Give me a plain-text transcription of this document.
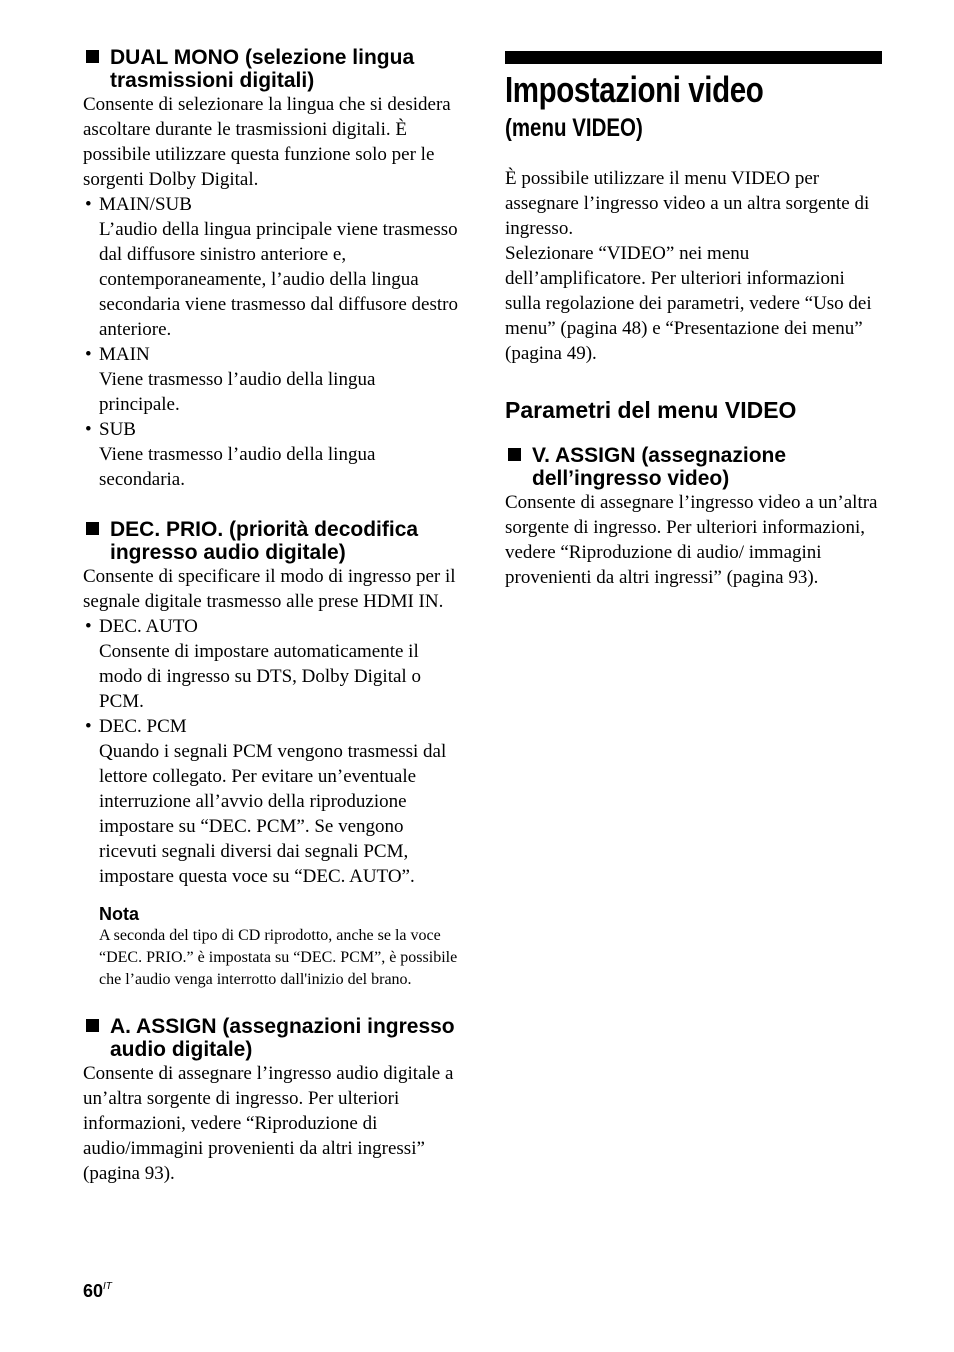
DUAL MONO (selezione lingua trasmissioni digitali)
Consente di selezionare la lingua che si desidera ascoltare durante le trasmissioni digitali. È possibile utilizzare questa funzione solo per le sorgenti Dolby Digital.
• MAIN/SUB
L’audio della lingua principale viene trasmesso dal diffusore sinistro anteriore e, contemporaneamente, l’audio della lingua secondaria viene trasmesso dal diffusore destro anteriore.
• MAIN
Viene trasmesso l’audio della lingua principale.
• SUB
Viene trasmesso l’audio della lingua secondaria.
DEC. PRIO. (priorità decodifica ingresso audio digitale)
Consente di specificare il modo di ingresso per il segnale digitale trasmesso alle prese HDMI IN.
• DEC. AUTO
Consente di impostare automaticamente il modo di ingresso su DTS, Dolby Digital o PCM.
• DEC. PCM
Quando i segnali PCM vengono trasmessi dal lettore collegato. Per evitare un’eventuale interruzione all’avvio della riproduzione impostare su “DEC. PCM”. Se vengono ricevuti segnali diversi dai segnali PCM, impostare questa voce su “DEC. AUTO”.
Nota
A seconda del tipo di CD riprodotto, anche se la voce “DEC. PRIO.” è impostata su “DEC. PCM”, è possibile che l’audio venga interrotto dall'inizio del brano.
A. ASSIGN (assegnazioni ingresso audio digitale)
Consente di assegnare l’ingresso audio digitale a un’altra sorgente di ingresso. Per ulteriori informazioni, vedere “Riproduzione di audio/immagini provenienti da altri ingressi” (pagina 93).
Impostazioni video
(menu VIDEO)
È possibile utilizzare il menu VIDEO per assegnare l’ingresso video a un altra sorgente di ingresso.
Selezionare “VIDEO” nei menu dell’amplificatore. Per ulteriori informazioni sulla regolazione dei parametri, vedere “Uso dei menu” (pagina 48) e “Presentazione dei menu” (pagina 49).
Parametri del menu VIDEO
V. ASSIGN (assegnazione dell’ingresso video)
Consente di assegnare l’ingresso video a un’altra sorgente di ingresso. Per ulteriori informazioni, vedere “Riproduzione di audio/ immagini provenienti da altri ingressi” (pagina 93).
$60^{IT}$
